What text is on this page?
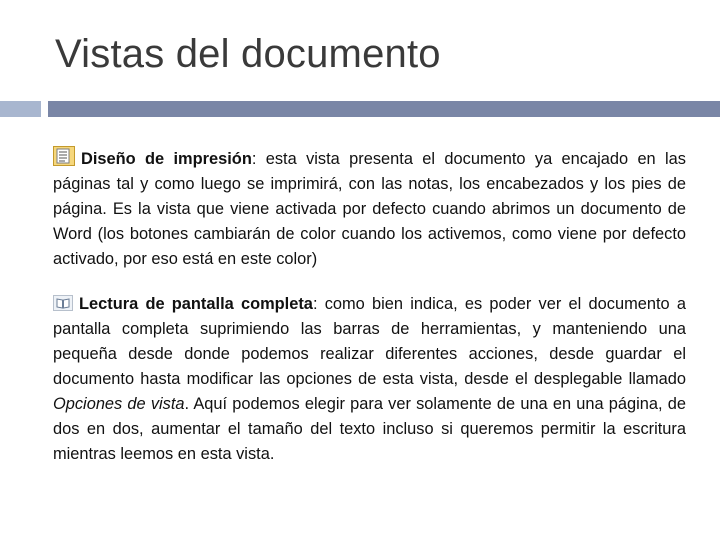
Vistas del documento

Diseño de impresión: esta vista presenta el documento ya encajado en las páginas tal y como luego se imprimirá, con las notas, los encabezados y los pies de página. Es la vista que viene activada por defecto cuando abrimos un documento de Word (los botones cambiarán de color cuando los activemos, como viene por defecto activado, por eso está en este color)

Lectura de pantalla completa: como bien indica, es poder ver el documento a pantalla completa suprimiendo las barras de herramientas, y manteniendo una pequeña desde donde podemos realizar diferentes acciones, desde guardar el documento hasta modificar las opciones de esta vista, desde el desplegable llamado Opciones de vista. Aquí podemos elegir para ver solamente de una en una página, de dos en dos, aumentar el tamaño del texto incluso si queremos permitir la escritura mientras leemos en esta vista.
